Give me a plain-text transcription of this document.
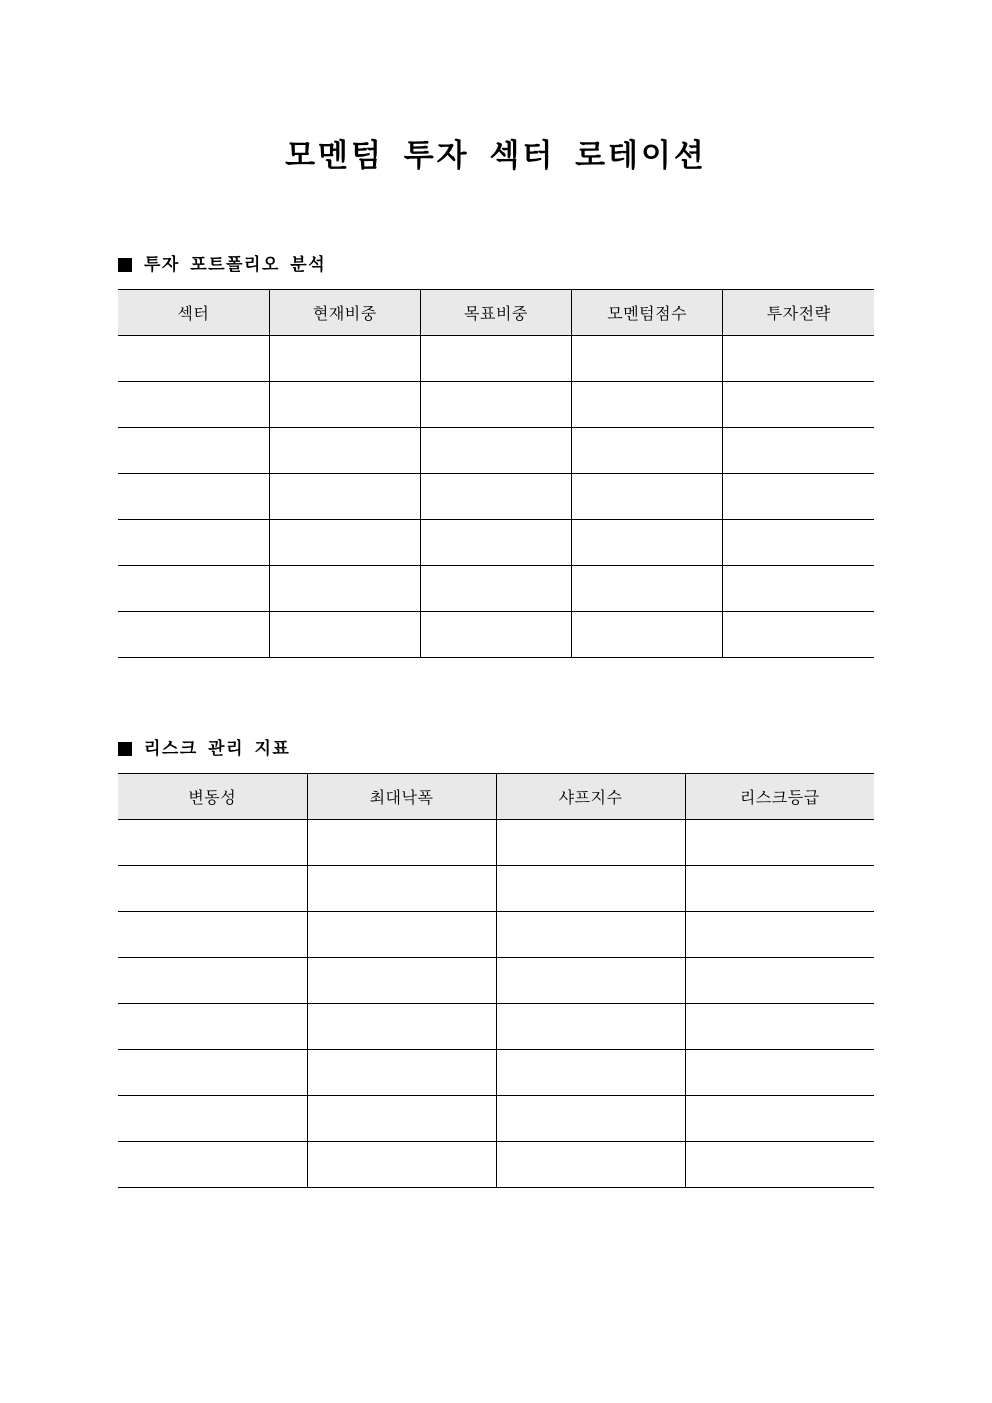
모멘텀 투자 섹터 로테이션
투자 포트폴리오 분석
섹터	현재비중	목표비중	모멘텀점수	투자전략

리스크 관리 지표
변동성	최대낙폭	샤프지수	리스크등급
